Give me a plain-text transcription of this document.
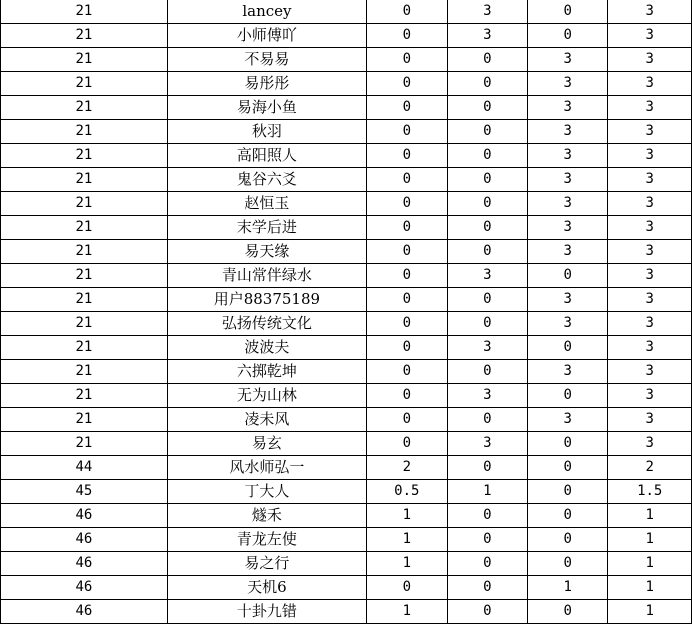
21	lancey	0	3	0	3
21	小师傅吖	0	3	0	3
21	不易易	0	0	3	3
21	易彤彤	0	0	3	3
21	易海小鱼	0	0	3	3
21	秋羽	0	0	3	3
21	高阳照人	0	0	3	3
21	鬼谷六爻	0	0	3	3
21	赵恒玉	0	0	3	3
21	末学后进	0	0	3	3
21	易天缘	0	0	3	3
21	青山常伴绿水	0	3	0	3
21	用户88375189	0	0	3	3
21	弘扬传统文化	0	0	3	3
21	波波夫	0	3	0	3
21	六掷乾坤	0	0	3	3
21	无为山林	0	3	0	3
21	凌未风	0	0	3	3
21	易玄	0	3	0	3
44	风水师弘一	2	0	0	2
45	丁大人	0.5	1	0	1.5
46	燧禾	1	0	0	1
46	青龙左使	1	0	0	1
46	易之行	1	0	0	1
46	天机6	0	0	1	1
46	十卦九错	1	0	0	1
